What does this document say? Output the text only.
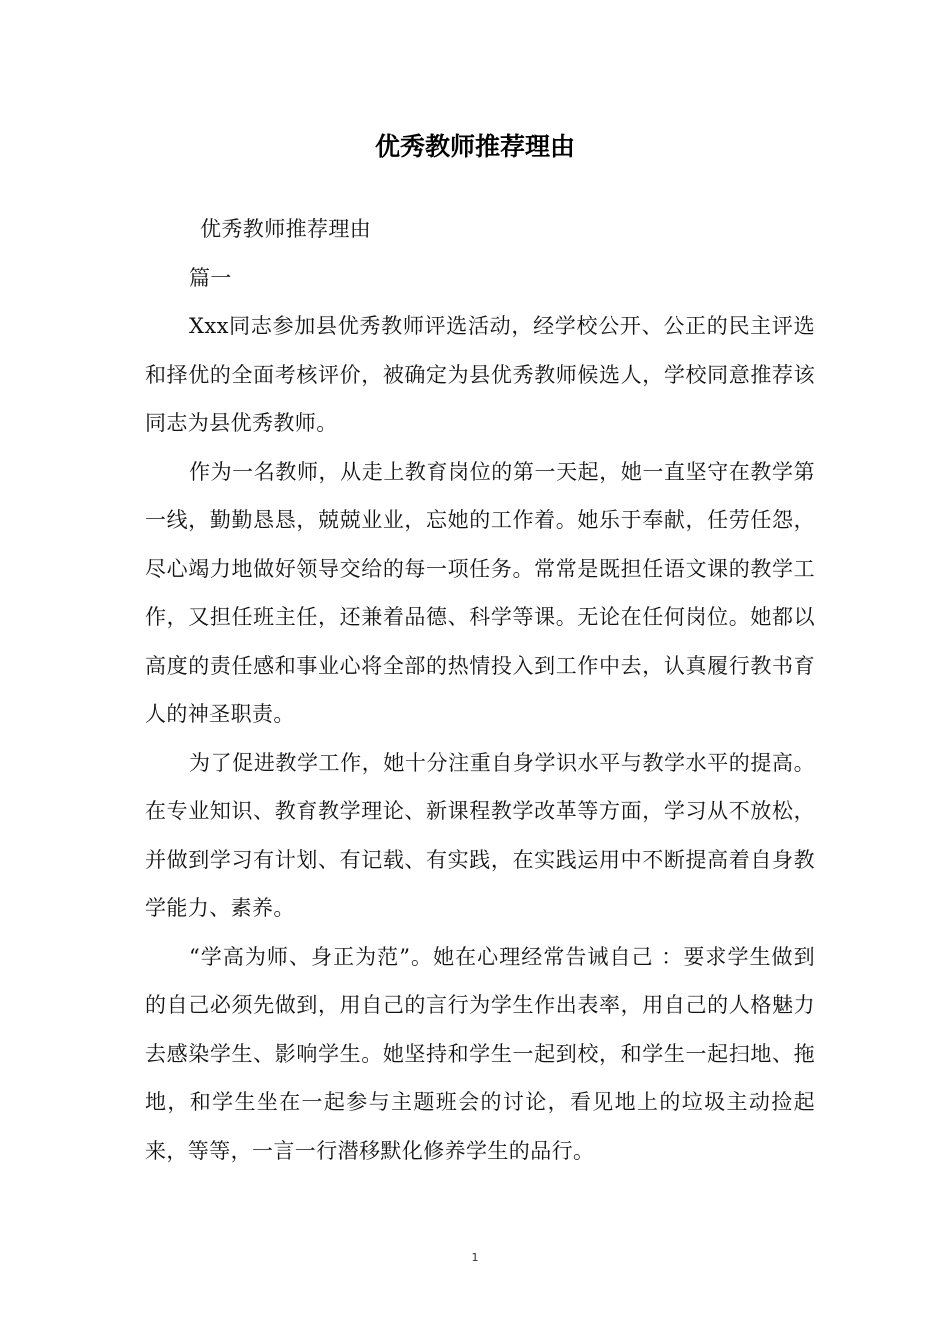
优秀教师推荐理由

优秀教师推荐理由

篇一

Xxx同志参加县优秀教师评选活动，经学校公开、公正的民主评选和择优的全面考核评价，被确定为县优秀教师候选人，学校同意推荐该同志为县优秀教师。

作为一名教师，从走上教育岗位的第一天起，她一直坚守在教学第一线，勤勤恳恳，兢兢业业，忘她的工作着。她乐于奉献，任劳任怨，尽心竭力地做好领导交给的每一项任务。常常是既担任语文课的教学工作，又担任班主任，还兼着品德、科学等课。无论在任何岗位。她都以高度的责任感和事业心将全部的热情投入到工作中去，认真履行教书育人的神圣职责。

为了促进教学工作，她十分注重自身学识水平与教学水平的提高。在专业知识、教育教学理论、新课程教学改革等方面，学习从不放松，并做到学习有计划、有记载、有实践，在实践运用中不断提高着自身教学能力、素养。

“学高为师、身正为范”。她在心理经常告诫自己 ：要求学生做到的自己必须先做到，用自己的言行为学生作出表率，用自己的人格魅力去感染学生、影响学生。她坚持和学生一起到校，和学生一起扫地、拖地，和学生坐在一起参与主题班会的讨论，看见地上的垃圾主动捡起来，等等，一言一行潜移默化修养学生的品行。

1
